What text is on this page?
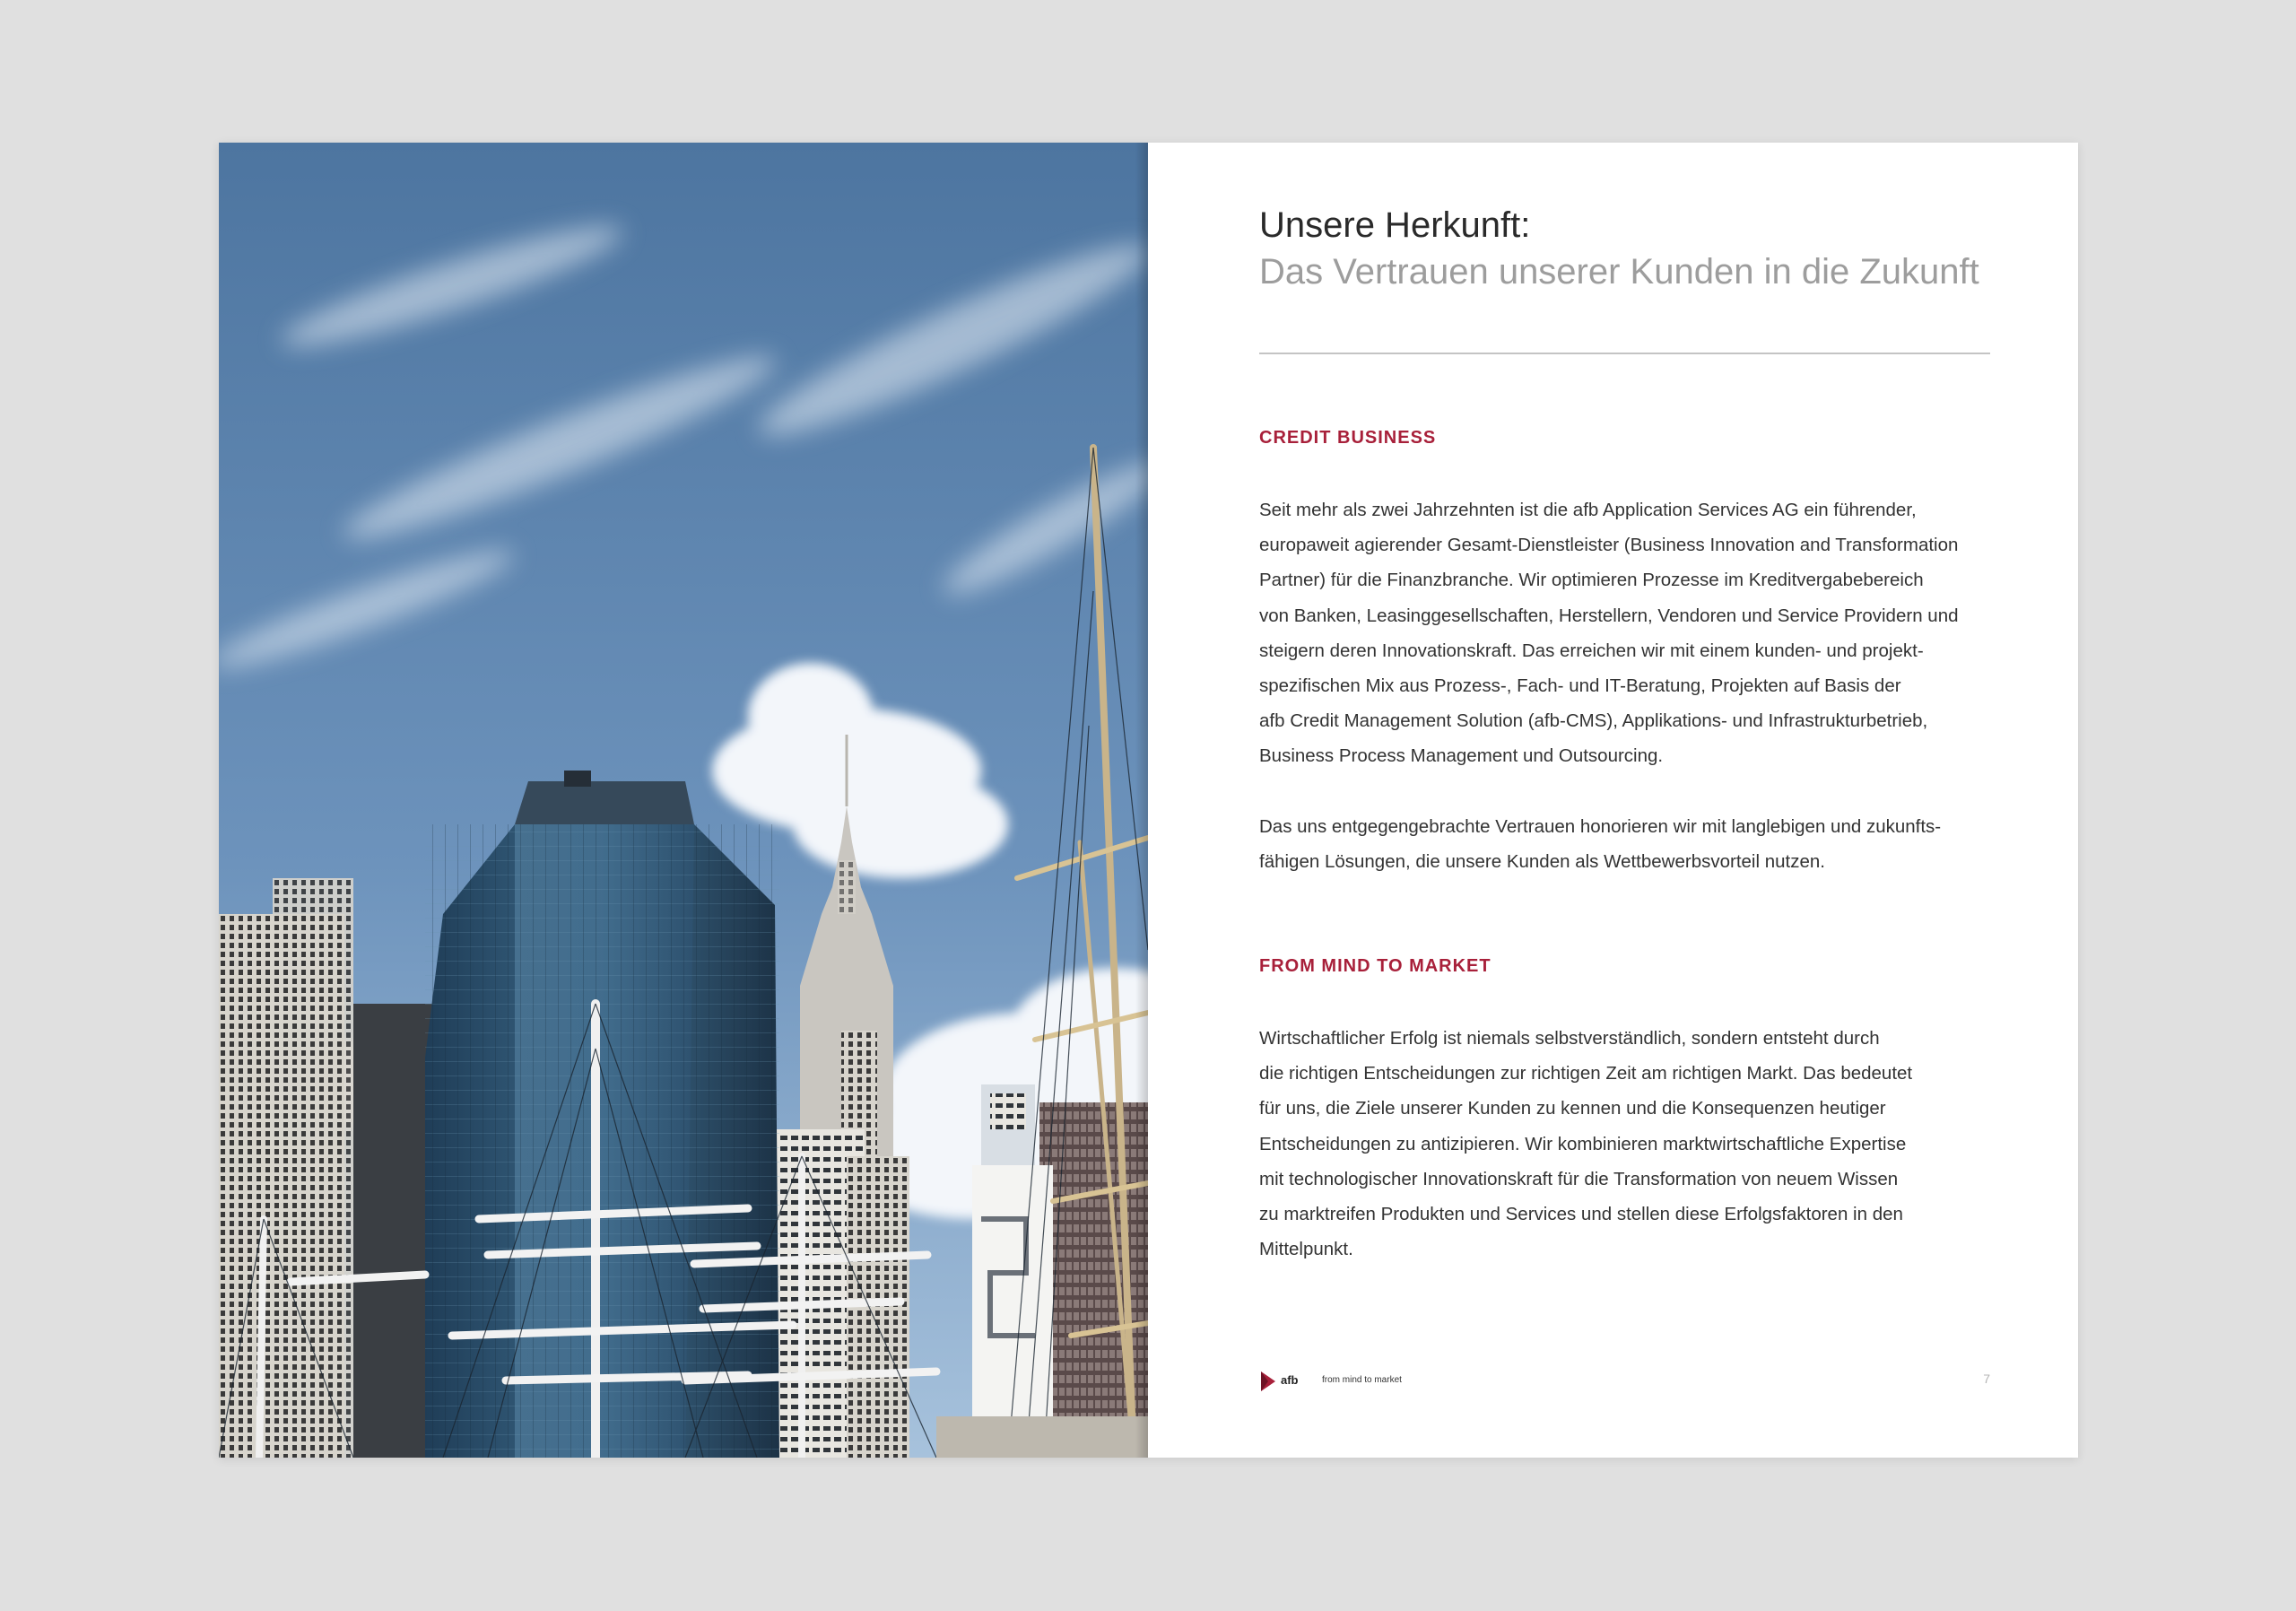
Unsere Herkunft:
Das Vertrauen unserer Kunden in die Zukunft
CREDIT BUSINESS

Seit mehr als zwei Jahrzehnten ist die afb Application Services AG ein führender,
europaweit agierender Gesamt-Dienstleister (Business Innovation and Transformation
Partner) für die Finanzbranche. Wir optimieren Prozesse im Kreditvergabebereich
von Banken, Leasinggesellschaften, Herstellern, Vendoren und Service Providern und
steigern deren Innovationskraft. Das erreichen wir mit einem kunden- und projekt-
spezifischen Mix aus Prozess-, Fach- und IT-Beratung, Projekten auf Basis der
afb Credit Management Solution (afb-CMS), Applikations- und Infrastrukturbetrieb,
Business Process Management und Outsourcing.

Das uns entgegengebrachte Vertrauen honorieren wir mit langlebigen und zukunfts-
fähigen Lösungen, die unsere Kunden als Wettbewerbsvorteil nutzen.

FROM MIND TO MARKET

Wirtschaftlicher Erfolg ist niemals selbstverständlich, sondern entsteht durch
die richtigen Entscheidungen zur richtigen Zeit am richtigen Markt. Das bedeutet
für uns, die Ziele unserer Kunden zu kennen und die Konsequenzen heutiger
Entscheidungen zu antizipieren. Wir kombinieren marktwirtschaftliche Expertise
mit technologischer Innovationskraft für die Transformation von neuem Wissen
zu marktreifen Produkten und Services und stellen diese Erfolgsfaktoren in den
Mittelpunkt.

afb	from mind to market	7
